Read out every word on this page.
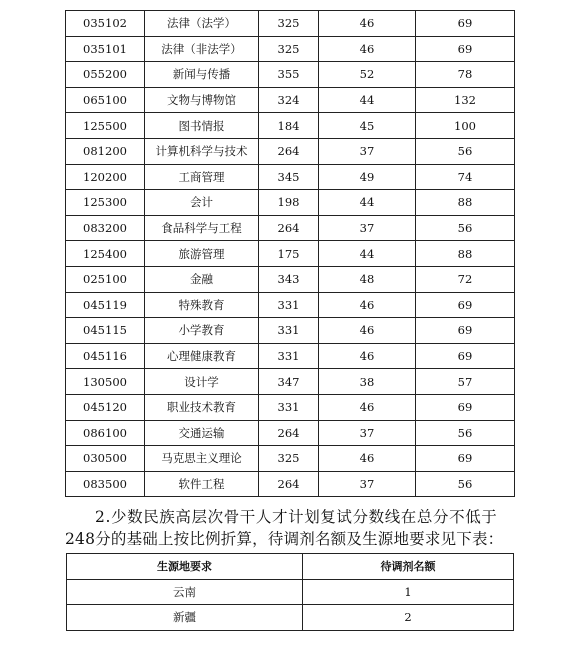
035102	法律（法学）	325	46	69
035101	法律（非法学）	325	46	69
055200	新闻与传播	355	52	78
065100	文物与博物馆	324	44	132
125500	图书情报	184	45	100
081200	计算机科学与技术	264	37	56
120200	工商管理	345	49	74
125300	会计	198	44	88
083200	食品科学与工程	264	37	56
125400	旅游管理	175	44	88
025100	金融	343	48	72
045119	特殊教育	331	46	69
045115	小学教育	331	46	69
045116	心理健康教育	331	46	69
130500	设计学	347	38	57
045120	职业技术教育	331	46	69
086100	交通运输	264	37	56
030500	马克思主义理论	325	46	69
083500	软件工程	264	37	56
2.少数民族高层次骨干人才计划复试分数线在总分不低于
248分的基础上按比例折算，待调剂名额及生源地要求见下表：
生源地要求	待调剂名额
云南	1
新疆	2
